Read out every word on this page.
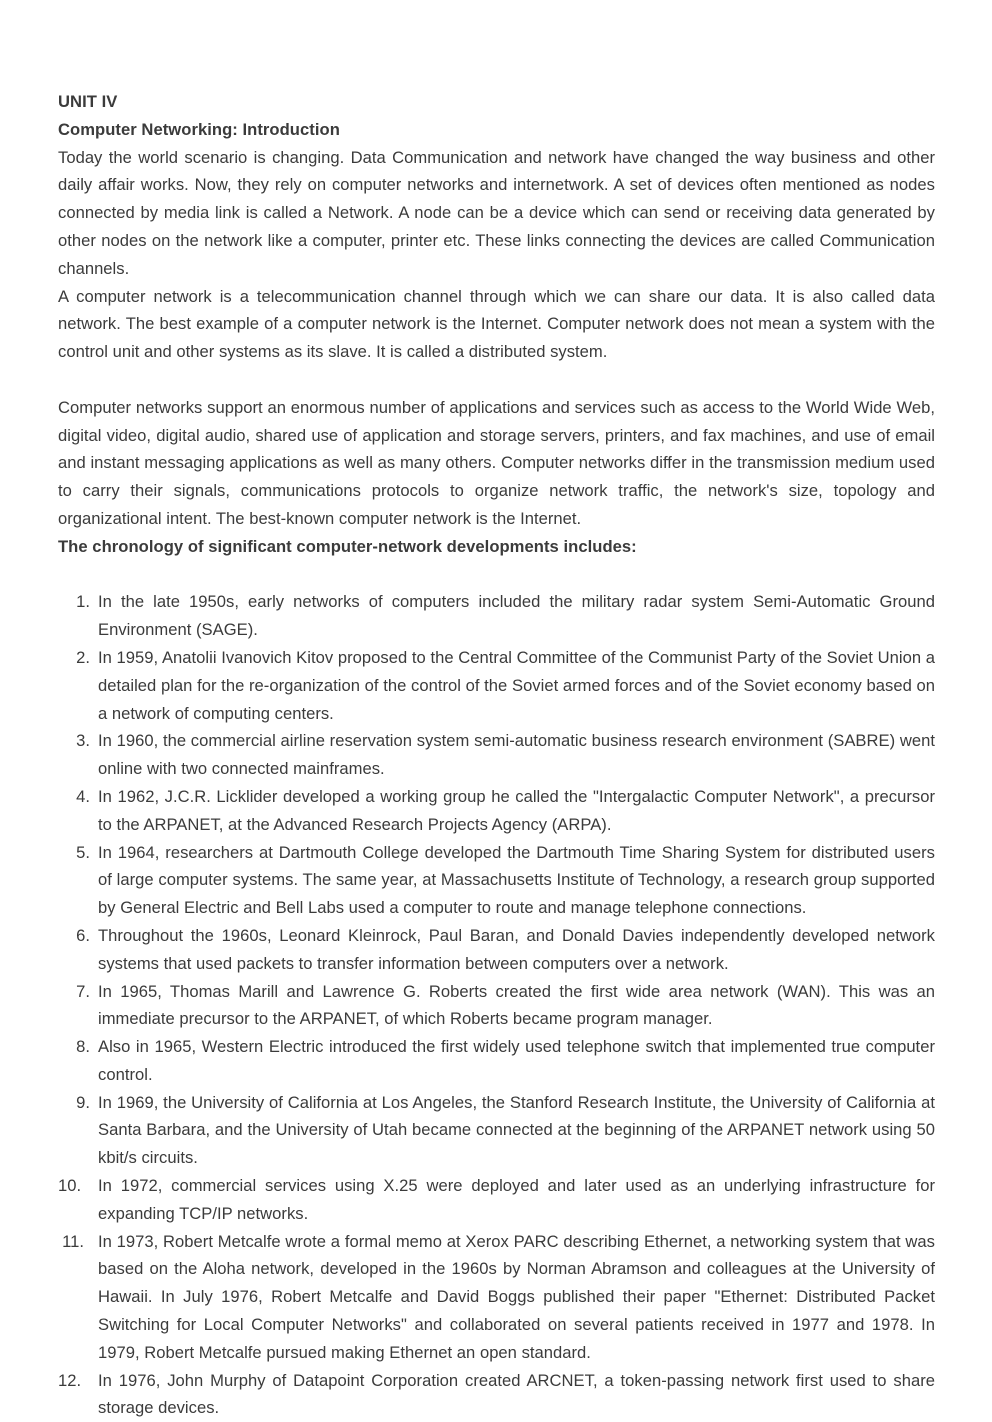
UNIT IV
Computer Networking: Introduction

Today the world scenario is changing. Data Communication and network have changed the way business and other daily affair works. Now, they rely on computer networks and internetwork. A set of devices often mentioned as nodes connected by media link is called a Network. A node can be a device which can send or receiving data generated by other nodes on the network like a computer, printer etc. These links connecting the devices are called Communication channels.

A computer network is a telecommunication channel through which we can share our data. It is also called data network. The best example of a computer network is the Internet. Computer network does not mean a system with the control unit and other systems as its slave. It is called a distributed system.

Computer networks support an enormous number of applications and services such as access to the World Wide Web, digital video, digital audio, shared use of application and storage servers, printers, and fax machines, and use of email and instant messaging applications as well as many others. Computer networks differ in the transmission medium used to carry their signals, communications protocols to organize network traffic, the network's size, topology and organizational intent. The best-known computer network is the Internet.

The chronology of significant computer-network developments includes:
1. In the late 1950s, early networks of computers included the military radar system Semi-Automatic Ground Environment (SAGE).
2. In 1959, Anatolii Ivanovich Kitov proposed to the Central Committee of the Communist Party of the Soviet Union a detailed plan for the re-organization of the control of the Soviet armed forces and of the Soviet economy based on a network of computing centers.
3. In 1960, the commercial airline reservation system semi-automatic business research environment (SABRE) went online with two connected mainframes.
4. In 1962, J.C.R. Licklider developed a working group he called the "Intergalactic Computer Network", a precursor to the ARPANET, at the Advanced Research Projects Agency (ARPA).
5. In 1964, researchers at Dartmouth College developed the Dartmouth Time Sharing System for distributed users of large computer systems. The same year, at Massachusetts Institute of Technology, a research group supported by General Electric and Bell Labs used a computer to route and manage telephone connections.
6. Throughout the 1960s, Leonard Kleinrock, Paul Baran, and Donald Davies independently developed network systems that used packets to transfer information between computers over a network.
7. In 1965, Thomas Marill and Lawrence G. Roberts created the first wide area network (WAN). This was an immediate precursor to the ARPANET, of which Roberts became program manager.
8. Also in 1965, Western Electric introduced the first widely used telephone switch that implemented true computer control.
9. In 1969, the University of California at Los Angeles, the Stanford Research Institute, the University of California at Santa Barbara, and the University of Utah became connected at the beginning of the ARPANET network using 50 kbit/s circuits.
10. In 1972, commercial services using X.25 were deployed and later used as an underlying infrastructure for expanding TCP/IP networks.
11. In 1973, Robert Metcalfe wrote a formal memo at Xerox PARC describing Ethernet, a networking system that was based on the Aloha network, developed in the 1960s by Norman Abramson and colleagues at the University of Hawaii. In July 1976, Robert Metcalfe and David Boggs published their paper "Ethernet: Distributed Packet Switching for Local Computer Networks" and collaborated on several patients received in 1977 and 1978. In 1979, Robert Metcalfe pursued making Ethernet an open standard.
12. In 1976, John Murphy of Datapoint Corporation created ARCNET, a token-passing network first used to share storage devices.
